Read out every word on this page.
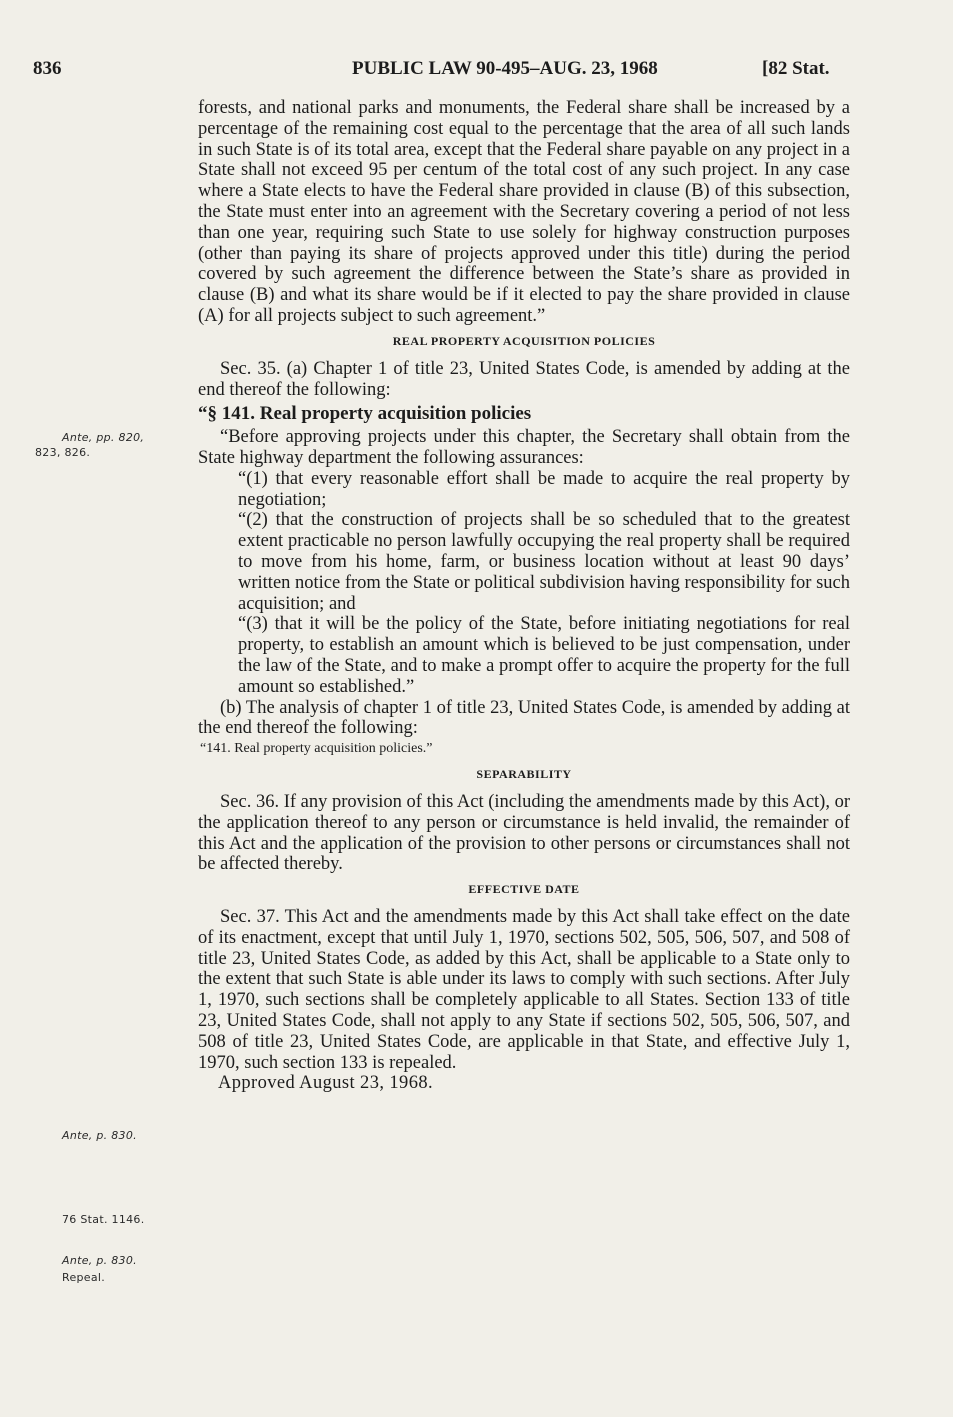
836	PUBLIC LAW 90-495–AUG. 23, 1968	[82 Stat.
Ante, pp. 820,
823, 826.
Ante, p. 830.
76 Stat. 1146.
Ante, p. 830.
Repeal.

forests, and national parks and monuments, the Federal share shall be increased by a percentage of the remaining cost equal to the percentage that the area of all such lands in such State is of its total area, except that the Federal share payable on any project in a State shall not exceed 95 per centum of the total cost of any such project. In any case where a State elects to have the Federal share provided in clause (B) of this subsection, the State must enter into an agreement with the Secretary covering a period of not less than one year, requiring such State to use solely for highway construction purposes (other than paying its share of projects approved under this title) during the period covered by such agreement the difference between the State’s share as provided in clause (B) and what its share would be if it elected to pay the share provided in clause (A) for all projects subject to such agreement.”

REAL PROPERTY ACQUISITION POLICIES

Sec. 35. (a) Chapter 1 of title 23, United States Code, is amended by adding at the end thereof the following:

“§ 141. Real property acquisition policies

“Before approving projects under this chapter, the Secretary shall obtain from the State highway department the following assurances:

“(1) that every reasonable effort shall be made to acquire the real property by negotiation;

“(2) that the construction of projects shall be so scheduled that to the greatest extent practicable no person lawfully occupying the real property shall be required to move from his home, farm, or business location without at least 90 days’ written notice from the State or political subdivision having responsibility for such acquisition; and

“(3) that it will be the policy of the State, before initiating negotiations for real property, to establish an amount which is believed to be just compensation, under the law of the State, and to make a prompt offer to acquire the property for the full amount so established.”

(b) The analysis of chapter 1 of title 23, United States Code, is amended by adding at the end thereof the following:

“141. Real property acquisition policies.”

SEPARABILITY

Sec. 36. If any provision of this Act (including the amendments made by this Act), or the application thereof to any person or circumstance is held invalid, the remainder of this Act and the application of the provision to other persons or circumstances shall not be affected thereby.

EFFECTIVE DATE

Sec. 37. This Act and the amendments made by this Act shall take effect on the date of its enactment, except that until July 1, 1970, sections 502, 505, 506, 507, and 508 of title 23, United States Code, as added by this Act, shall be applicable to a State only to the extent that such State is able under its laws to comply with such sections. After July 1, 1970, such sections shall be completely applicable to all States. Section 133 of title 23, United States Code, shall not apply to any State if sections 502, 505, 506, 507, and 508 of title 23, United States Code, are applicable in that State, and effective July 1, 1970, such section 133 is repealed.

Approved August 23, 1968.
